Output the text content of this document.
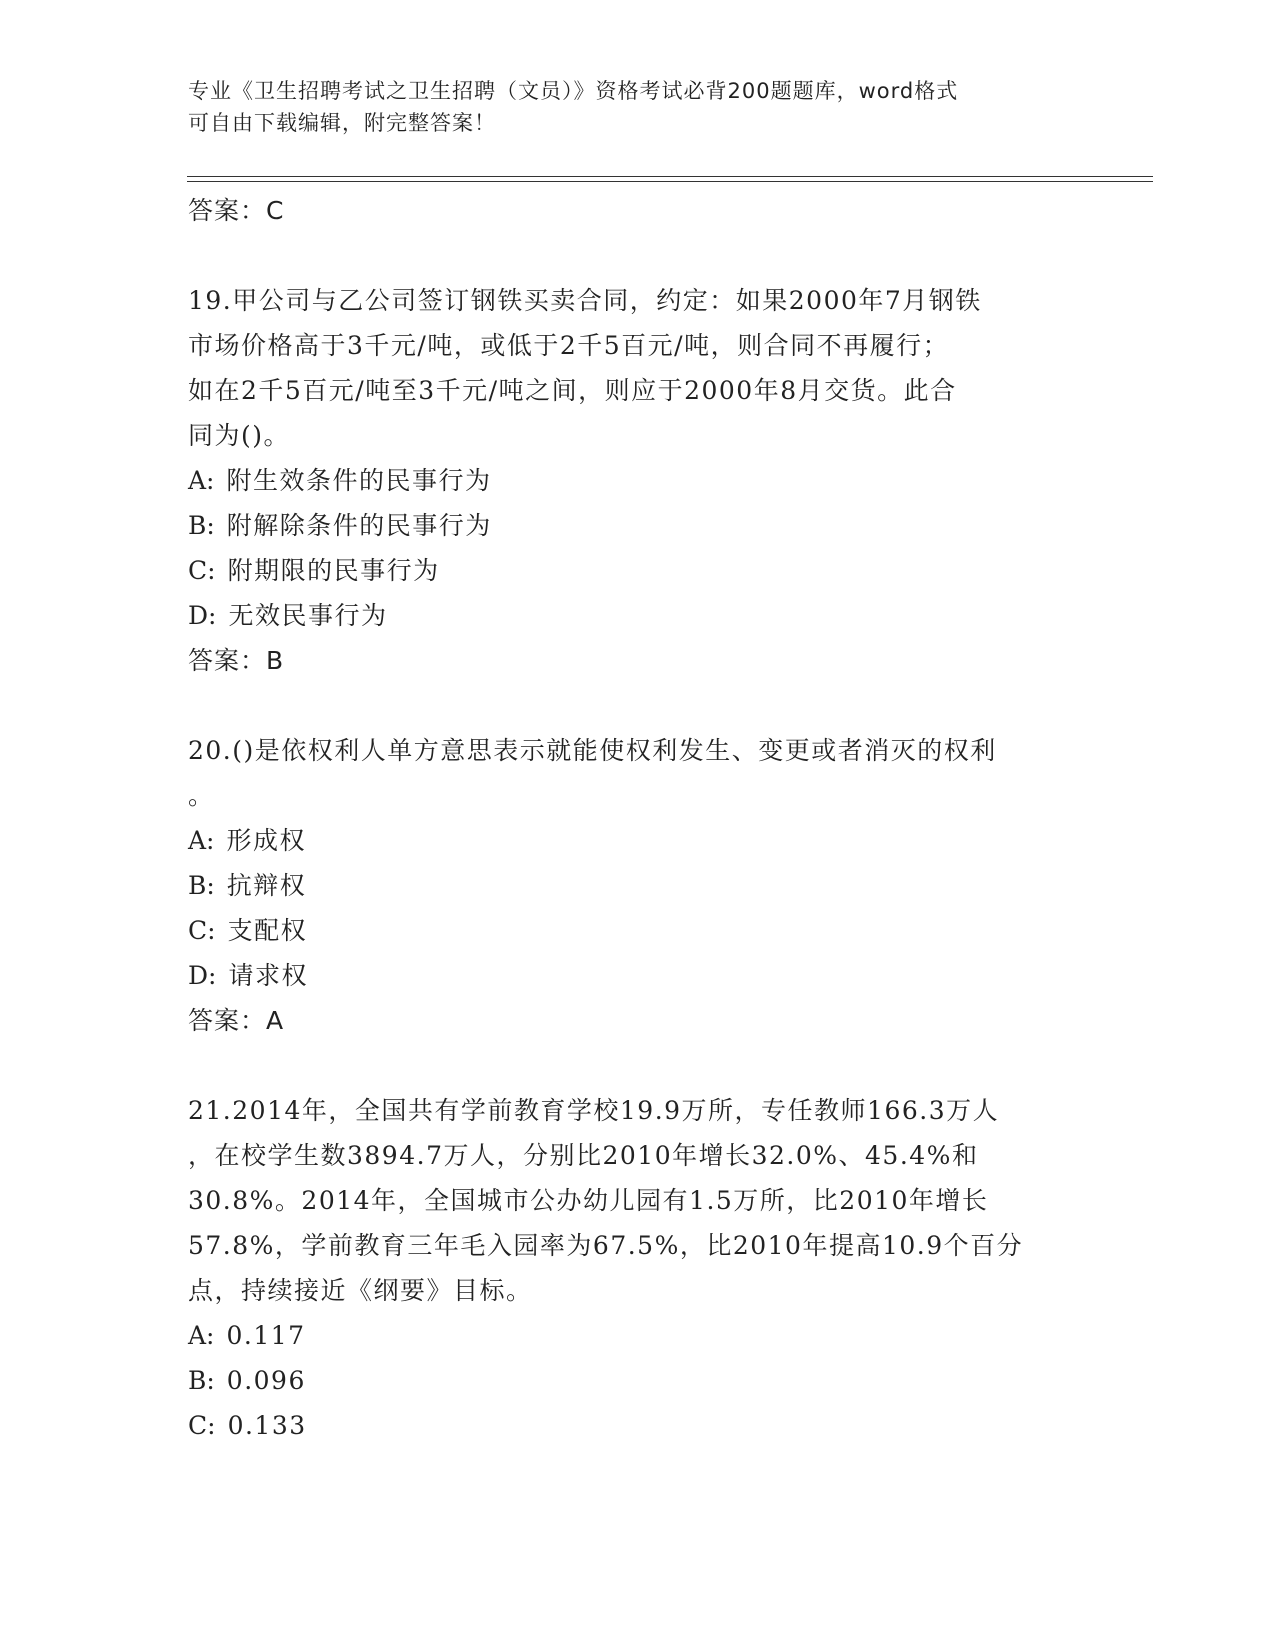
专业《卫生招聘考试之卫生招聘（文员）》资格考试必背200题题库，word格式
可自由下载编辑，附完整答案！
答案：C
19.甲公司与乙公司签订钢铁买卖合同，约定：如果2000年7月钢铁
市场价格高于3千元/吨，或低于2千5百元/吨，则合同不再履行；
如在2千5百元/吨至3千元/吨之间，则应于2000年8月交货。此合
同为()。
A: 附生效条件的民事行为
B: 附解除条件的民事行为
C: 附期限的民事行为
D: 无效民事行为
答案：B
20.()是依权利人单方意思表示就能使权利发生、变更或者消灭的权利
。
A: 形成权
B: 抗辩权
C: 支配权
D: 请求权
答案：A
21.2014年，全国共有学前教育学校19.9万所，专任教师166.3万人
，在校学生数3894.7万人，分别比2010年增长32.0%、45.4%和
30.8%。2014年，全国城市公办幼儿园有1.5万所，比2010年增长
57.8%，学前教育三年毛入园率为67.5%，比2010年提高10.9个百分
点，持续接近《纲要》目标。
A: 0.117
B: 0.096
C: 0.133
